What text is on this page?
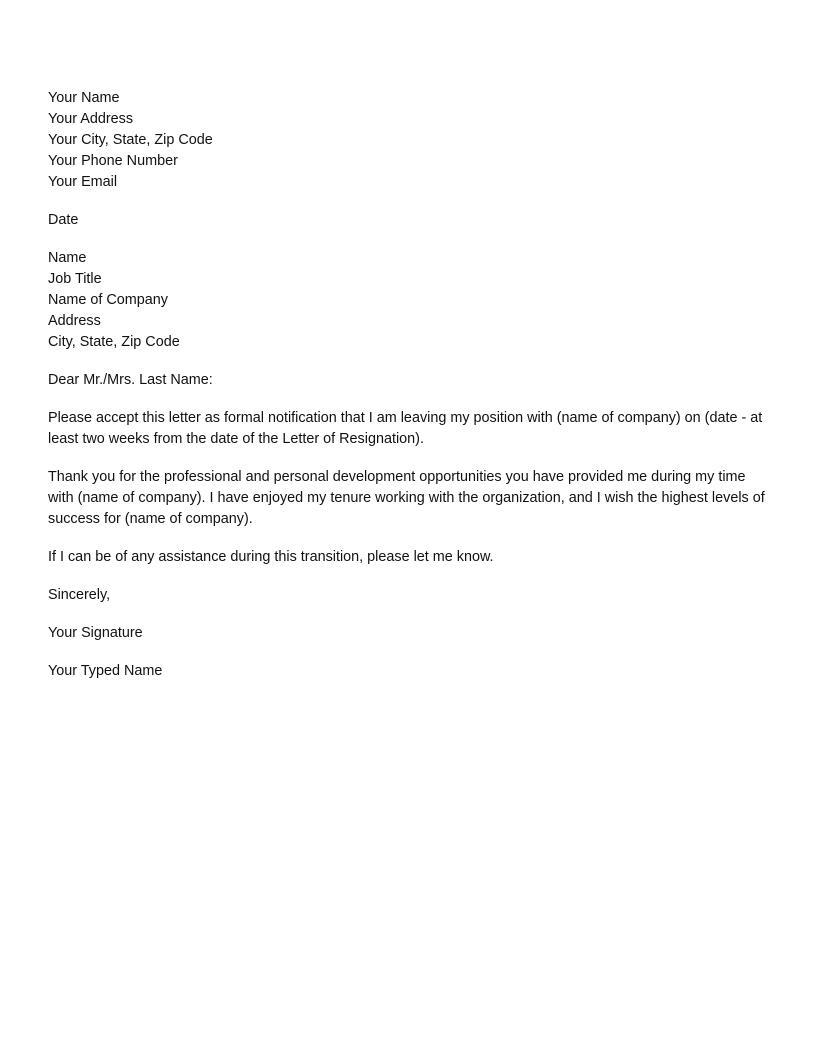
Your Name
Your Address
Your City, State, Zip Code
Your Phone Number
Your Email
Date
Name
Job Title
Name of Company
Address
City, State, Zip Code
Dear Mr./Mrs. Last Name:
Please accept this letter as formal notification that I am leaving my position with (name of company) on (date - at least two weeks from the date of the Letter of Resignation).
Thank you for the professional and personal development opportunities you have provided me during my time with (name of company). I have enjoyed my tenure working with the organization, and I wish the highest levels of success for (name of company).
If I can be of any assistance during this transition, please let me know.
Sincerely,
Your Signature
Your Typed Name
